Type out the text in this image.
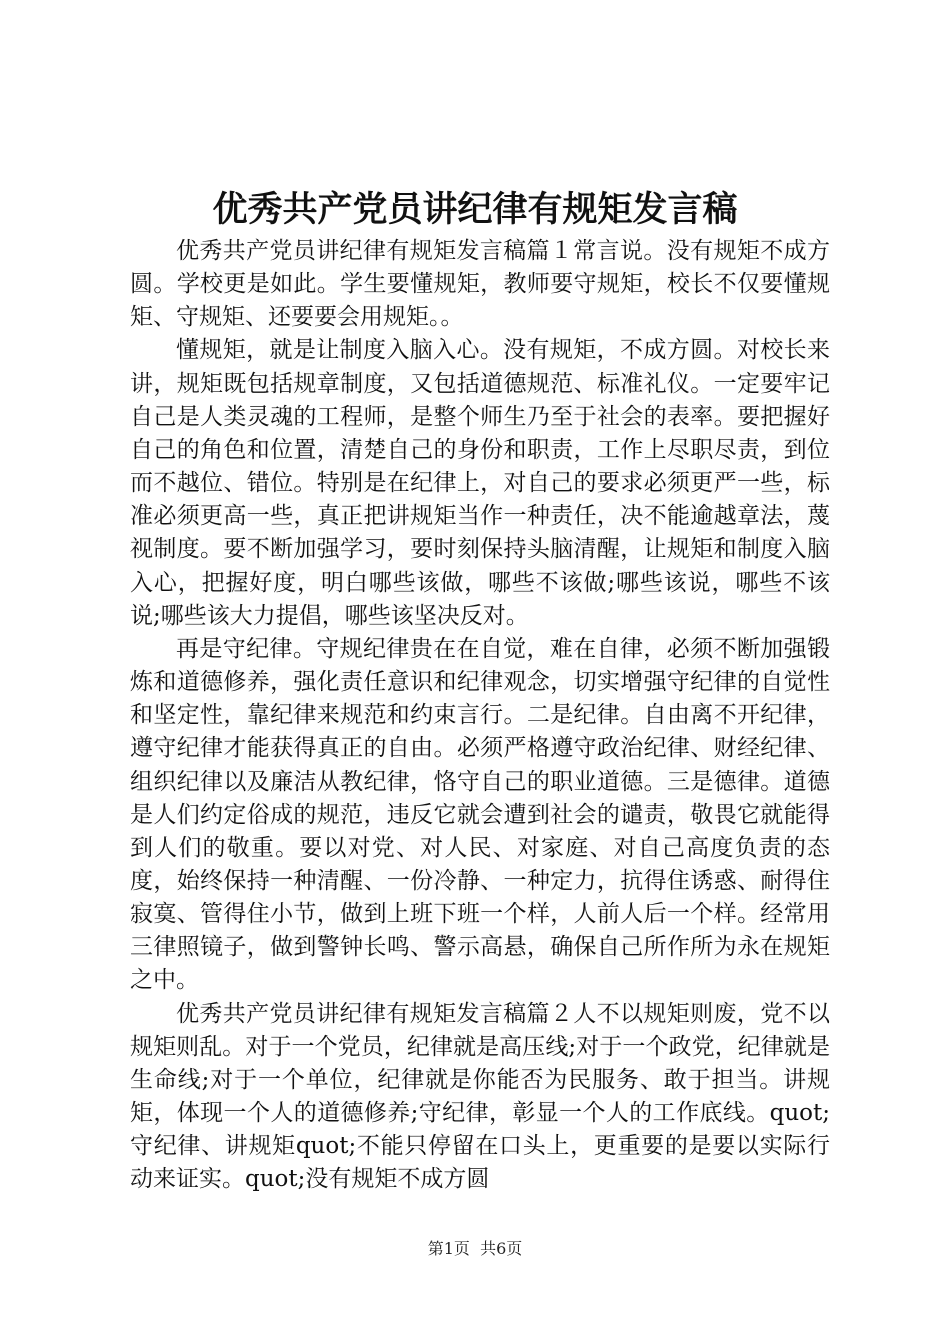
优秀共产党员讲纪律有规矩发言稿

优秀共产党员讲纪律有规矩发言稿篇１常言说。没有规矩不成方圆。学校更是如此。学生要懂规矩，教师要守规矩，校长不仅要懂规矩、守规矩、还要要会用规矩。。

懂规矩，就是让制度入脑入心。没有规矩，不成方圆。对校长来讲，规矩既包括规章制度，又包括道德规范、标准礼仪。一定要牢记自己是人类灵魂的工程师，是整个师生乃至于社会的表率。要把握好自己的角色和位置，清楚自己的身份和职责，工作上尽职尽责，到位而不越位、错位。特别是在纪律上，对自己的要求必须更严一些，标准必须更高一些，真正把讲规矩当作一种责任，决不能逾越章法，蔑视制度。要不断加强学习，要时刻保持头脑清醒，让规矩和制度入脑入心，把握好度，明白哪些该做，哪些不该做;哪些该说，哪些不该说;哪些该大力提倡，哪些该坚决反对。

再是守纪律。守规纪律贵在在自觉，难在自律，必须不断加强锻炼和道德修养，强化责任意识和纪律观念，切实增强守纪律的自觉性和坚定性，靠纪律来规范和约束言行。二是纪律。自由离不开纪律，遵守纪律才能获得真正的自由。必须严格遵守政治纪律、财经纪律、组织纪律以及廉洁从教纪律，恪守自己的职业道德。三是德律。道德是人们约定俗成的规范，违反它就会遭到社会的谴责，敬畏它就能得到人们的敬重。要以对党、对人民、对家庭、对自己高度负责的态度，始终保持一种清醒、一份冷静、一种定力，抗得住诱惑、耐得住寂寞、管得住小节，做到上班下班一个样，人前人后一个样。经常用三律照镜子，做到警钟长鸣、警示高悬，确保自己所作所为永在规矩之中。

优秀共产党员讲纪律有规矩发言稿篇２人不以规矩则废，党不以规矩则乱。对于一个党员，纪律就是高压线;对于一个政党，纪律就是生命线;对于一个单位，纪律就是你能否为民服务、敢于担当。讲规矩，体现一个人的道德修养;守纪律，彰显一个人的工作底线。quot;守纪律、讲规矩quot;不能只停留在口头上，更重要的是要以实际行动来证实。quot;没有规矩不成方圆

第1页  共6页
